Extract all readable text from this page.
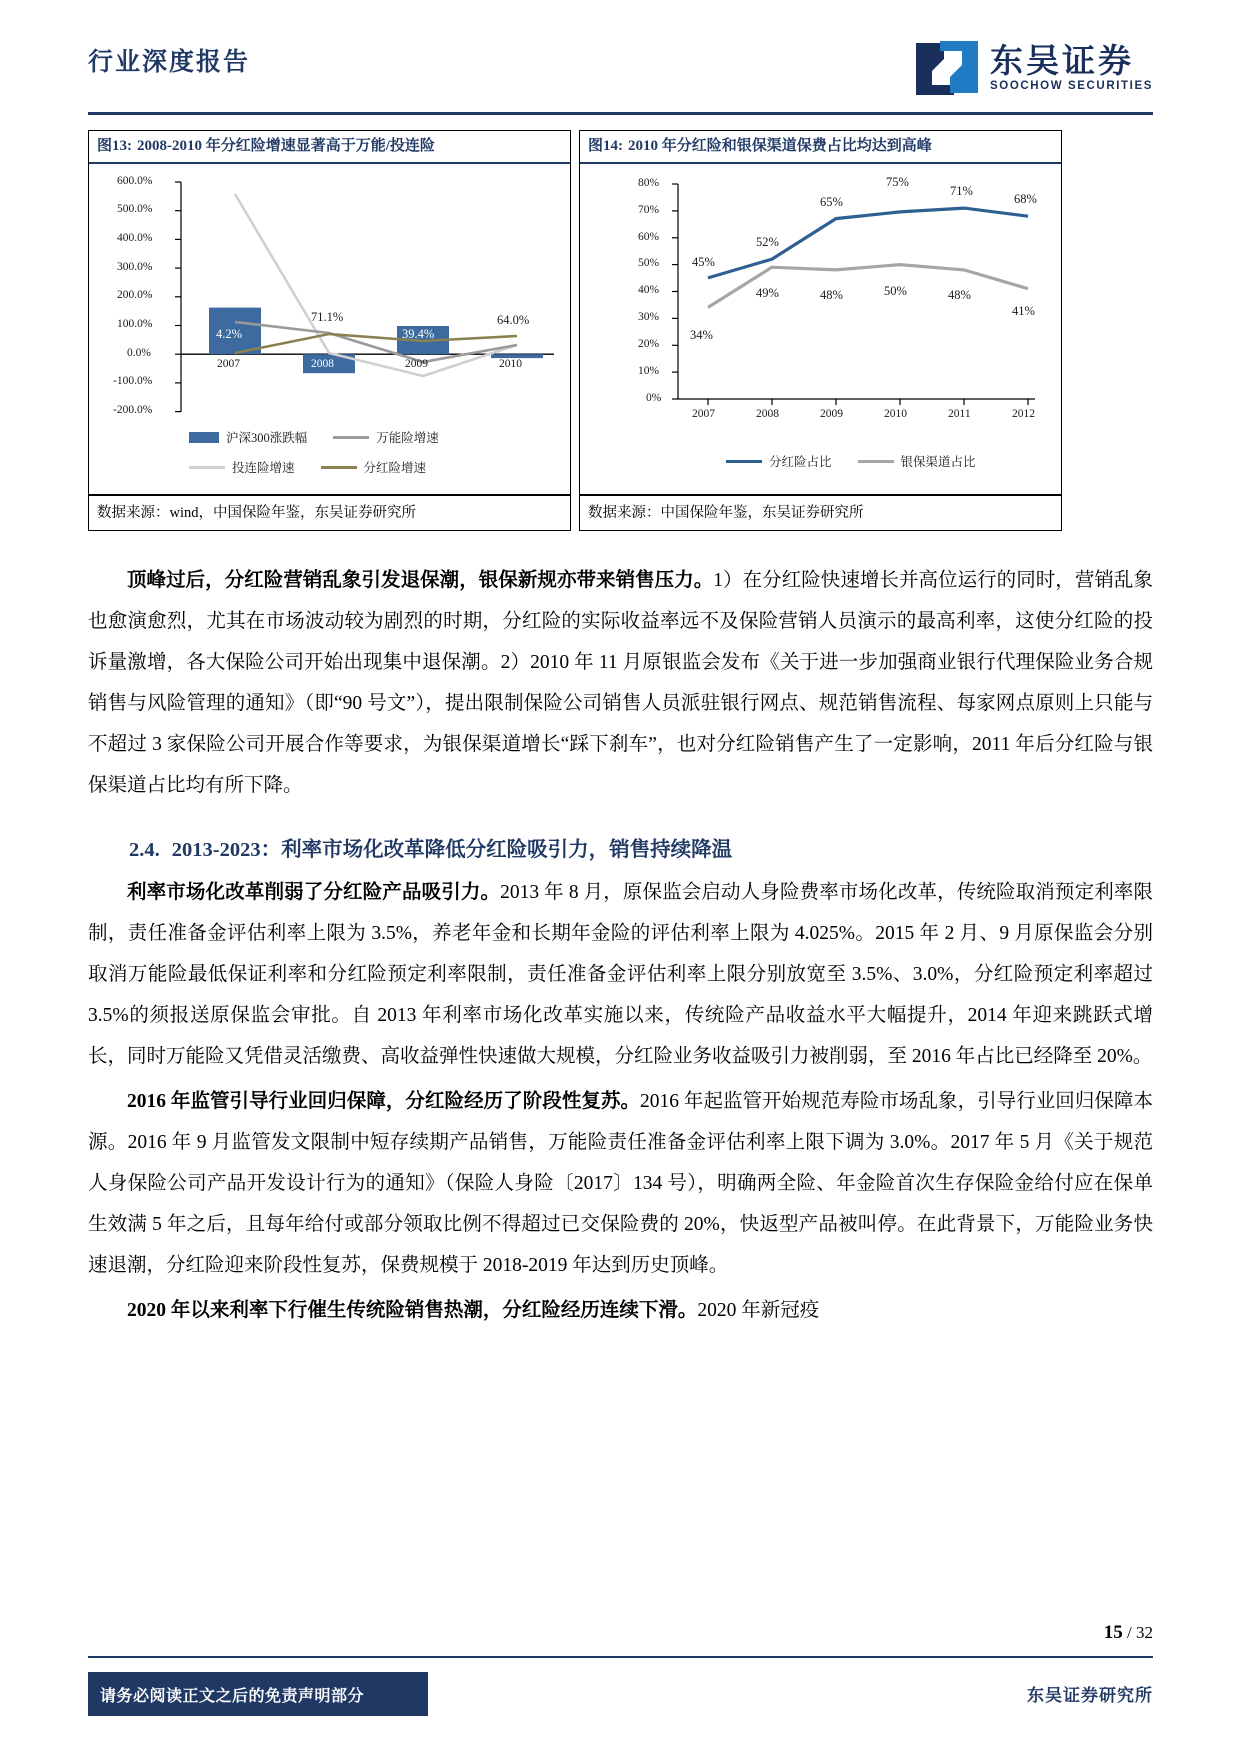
行业深度报告	东吴证券
SOOCHOW SECURITIES
图13: 2008-2010 年分红险增速显著高于万能/投连险
600.0%
500.0%
400.0%
300.0%
200.0%
100.0%
0.0%
-100.0%
-200.0%
2007	2008	2009	2010
4.2%
71.1%
39.4%
64.0%
沪深300涨跌幅	万能险增速
投连险增速	分红险增速
数据来源：wind，中国保险年鉴，东吴证券研究所
图14: 2010 年分红险和银保渠道保费占比均达到高峰
80%
70%
60%
50%
40%
30%
20%
10%
0%
2007	2008	2009	2010	2011	2012
45%
52%
65%
75%
71%
68%
34%
49%	48%	50%	48%
41%
分红险占比	银保渠道占比
数据来源：中国保险年鉴，东吴证券研究所

顶峰过后，分红险营销乱象引发退保潮，银保新规亦带来销售压力。1）在分红险快速增长并高位运行的同时，营销乱象也愈演愈烈，尤其在市场波动较为剧烈的时期，分红险的实际收益率远不及保险营销人员演示的最高利率，这使分红险的投诉量激增，各大保险公司开始出现集中退保潮。2）2010 年 11 月原银监会发布《关于进一步加强商业银行代理保险业务合规销售与风险管理的通知》（即“90 号文”），提出限制保险公司销售人员派驻银行网点、规范销售流程、每家网点原则上只能与不超过 3 家保险公司开展合作等要求，为银保渠道增长“踩下刹车”，也对分红险销售产生了一定影响，2011 年后分红险与银保渠道占比均有所下降。

2.4. 2013-2023：利率市场化改革降低分红险吸引力，销售持续降温

利率市场化改革削弱了分红险产品吸引力。2013 年 8 月，原保监会启动人身险费率市场化改革，传统险取消预定利率限制，责任准备金评估利率上限为 3.5%，养老年金和长期年金险的评估利率上限为 4.025%。2015 年 2 月、9 月原保监会分别取消万能险最低保证利率和分红险预定利率限制，责任准备金评估利率上限分别放宽至 3.5%、3.0%，分红险预定利率超过 3.5%的须报送原保监会审批。自 2013 年利率市场化改革实施以来，传统险产品收益水平大幅提升，2014 年迎来跳跃式增长，同时万能险又凭借灵活缴费、高收益弹性快速做大规模，分红险业务收益吸引力被削弱，至 2016 年占比已经降至 20%。

2016 年监管引导行业回归保障，分红险经历了阶段性复苏。2016 年起监管开始规范寿险市场乱象，引导行业回归保障本源。2016 年 9 月监管发文限制中短存续期产品销售，万能险责任准备金评估利率上限下调为 3.0%。2017 年 5 月《关于规范人身保险公司产品开发设计行为的通知》（保险人身险〔2017〕134 号），明确两全险、年金险首次生存保险金给付应在保单生效满 5 年之后，且每年给付或部分领取比例不得超过已交保险费的 20%，快返型产品被叫停。在此背景下，万能险业务快速退潮，分红险迎来阶段性复苏，保费规模于 2018-2019 年达到历史顶峰。

2020 年以来利率下行催生传统险销售热潮，分红险经历连续下滑。2020 年新冠疫

15 / 32
东吴证券研究所
请务必阅读正文之后的免责声明部分
